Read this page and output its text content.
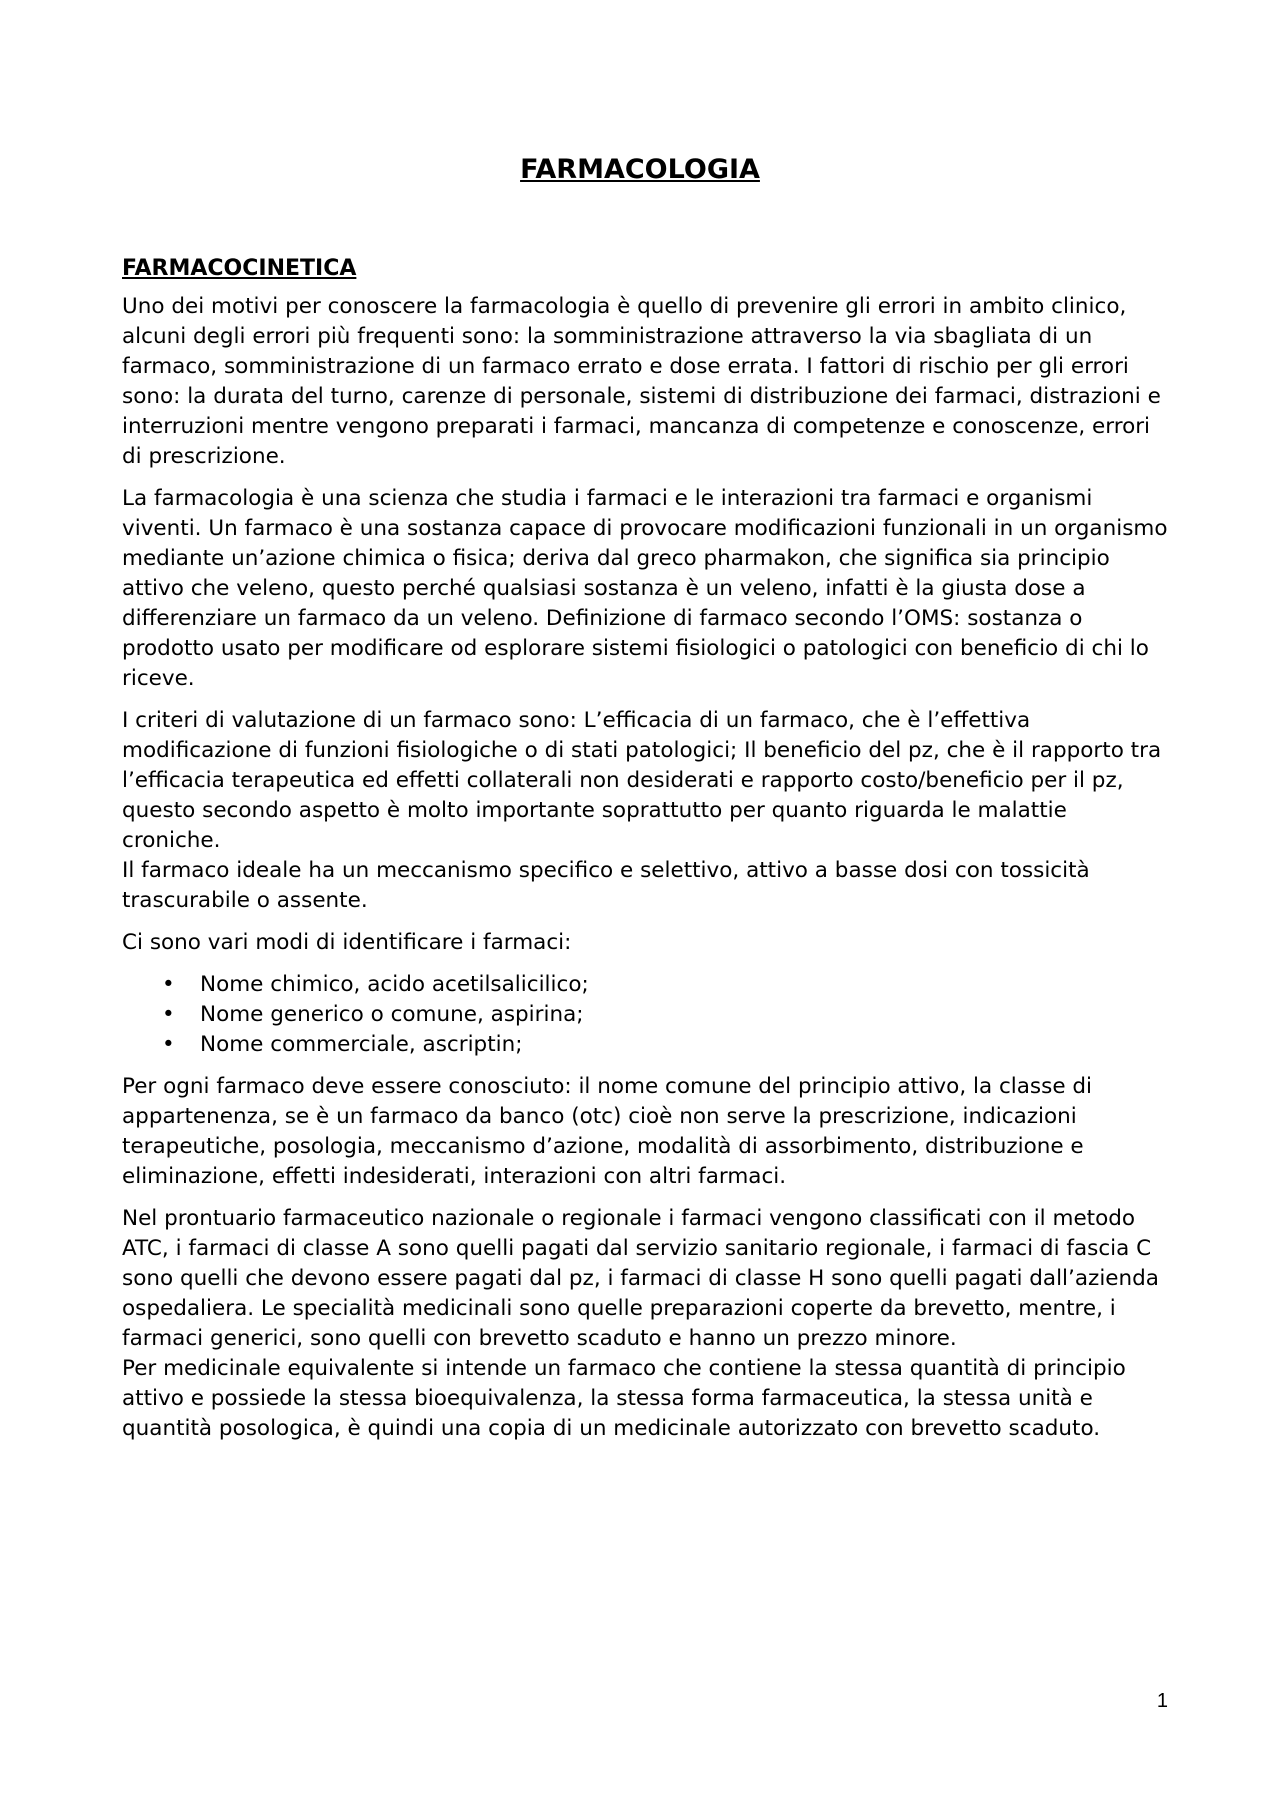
FARMACOLOGIA
FARMACOCINETICA

Uno dei motivi per conoscere la farmacologia è quello di prevenire gli errori in ambito clinico, alcuni degli errori più frequenti sono: la somministrazione attraverso la via sbagliata di un farmaco, somministrazione di un farmaco errato e dose errata. I fattori di rischio per gli errori sono: la durata del turno, carenze di personale, sistemi di distribuzione dei farmaci, distrazioni e interruzioni mentre vengono preparati i farmaci, mancanza di competenze e conoscenze, errori di prescrizione.

La farmacologia è una scienza che studia i farmaci e le interazioni tra farmaci e organismi viventi. Un farmaco è una sostanza capace di provocare modificazioni funzionali in un organismo mediante un’azione chimica o fisica; deriva dal greco pharmakon, che significa sia principio attivo che veleno, questo perché qualsiasi sostanza è un veleno, infatti è la giusta dose a differenziare un farmaco da un veleno. Definizione di farmaco secondo l’OMS: sostanza o prodotto usato per modificare od esplorare sistemi fisiologici o patologici con beneficio di chi lo riceve.

I criteri di valutazione di un farmaco sono: L’efficacia di un farmaco, che è l’effettiva modificazione di funzioni fisiologiche o di stati patologici; Il beneficio del pz, che è il rapporto tra l’efficacia terapeutica ed effetti collaterali non desiderati e rapporto costo/beneficio per il pz, questo secondo aspetto è molto importante soprattutto per quanto riguarda le malattie croniche.

Il farmaco ideale ha un meccanismo specifico e selettivo, attivo a basse dosi con tossicità trascurabile o assente.

Ci sono vari modi di identificare i farmaci:

• Nome chimico, acido acetilsalicilico;
• Nome generico o comune, aspirina;
• Nome commerciale, ascriptin;

Per ogni farmaco deve essere conosciuto: il nome comune del principio attivo, la classe di appartenenza, se è un farmaco da banco (otc) cioè non serve la prescrizione, indicazioni terapeutiche, posologia, meccanismo d’azione, modalità di assorbimento, distribuzione e eliminazione, effetti indesiderati, interazioni con altri farmaci.

Nel prontuario farmaceutico nazionale o regionale i farmaci vengono classificati con il metodo ATC, i farmaci di classe A sono quelli pagati dal servizio sanitario regionale, i farmaci di fascia C sono quelli che devono essere pagati dal pz, i farmaci di classe H sono quelli pagati dall’azienda ospedaliera. Le specialità medicinali sono quelle preparazioni coperte da brevetto, mentre, i farmaci generici, sono quelli con brevetto scaduto e hanno un prezzo minore.

Per medicinale equivalente si intende un farmaco che contiene la stessa quantità di principio attivo e possiede la stessa bioequivalenza, la stessa forma farmaceutica, la stessa unità e quantità posologica, è quindi una copia di un medicinale autorizzato con brevetto scaduto.

1
